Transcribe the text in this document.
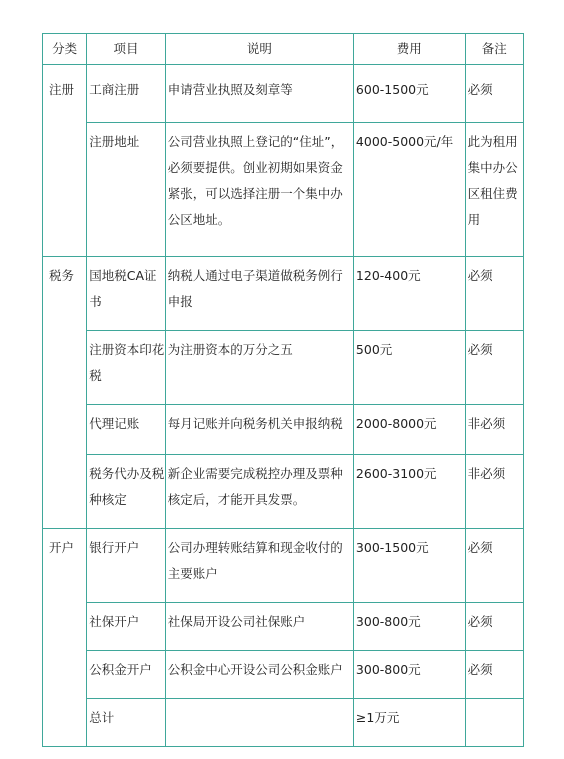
分类	项目	说明	费用	备注

注册	工商注册	申请营业执照及刻章等	600-1500元	必须

	注册地址	公司营业执照上登记的“住址”，必须要提供。创业初期如果资金紧张，可以选择注册一个集中办公区地址。	4000-5000元/年	此为租用集中办公区租住费用

税务	国地税CA证书	纳税人通过电子渠道做税务例行申报	120-400元	必须

	注册资本印花税	为注册资本的万分之五	500元	必须

	代理记账	每月记账并向税务机关申报纳税	2000-8000元	非必须

	税务代办及税种核定	新企业需要完成税控办理及票种核定后，才能开具发票。	2600-3100元	非必须

开户	银行开户	公司办理转账结算和现金收付的主要账户	300-1500元	必须

	社保开户	社保局开设公司社保账户	300-800元	必须

	公积金开户	公积金中心开设公司公积金账户	300-800元	必须

	总计		≥1万元	
